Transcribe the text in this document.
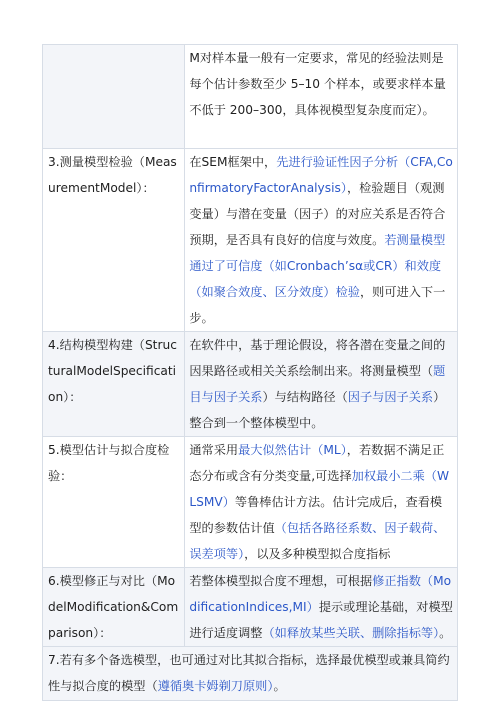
	M对样本量一般有一定要求，常见的经验法则是每个估计参数至少 5–10 个样本，或要求样本量不低于 200–300，具体视模型复杂度而定）。
3.测量模型检验（MeasurementModel）：	在SEM框架中，先进行验证性因子分析（CFA,ConfirmatoryFactorAnalysis），检验题目（观测变量）与潜在变量（因子）的对应关系是否符合预期，是否具有良好的信度与效度。若测量模型通过了可信度（如Cronbach’sα或CR）和效度（如聚合效度、区分效度）检验，则可进入下一步。
4.结构模型构建（StructuralModelSpecification）：	在软件中，基于理论假设，将各潜在变量之间的因果路径或相关关系绘制出来。将测量模型（题目与因子关系）与结构路径（因子与因子关系）整合到一个整体模型中。
5.模型估计与拟合度检验：	通常采用最大似然估计（ML），若数据不满足正态分布或含有分类变量,可选择加权最小二乘（WLSMV）等鲁棒估计方法。估计完成后，查看模型的参数估计值（包括各路径系数、因子载荷、误差项等），以及多种模型拟合度指标
6.模型修正与对比（ModelModification&Comparison）：	若整体模型拟合度不理想，可根据修正指数（ModificationIndices,MI）提示或理论基础，对模型进行适度调整（如释放某些关联、删除指标等）。
7.若有多个备选模型，也可通过对比其拟合指标，选择最优模型或兼具简约性与拟合度的模型（遵循奥卡姆剃刀原则）。	
